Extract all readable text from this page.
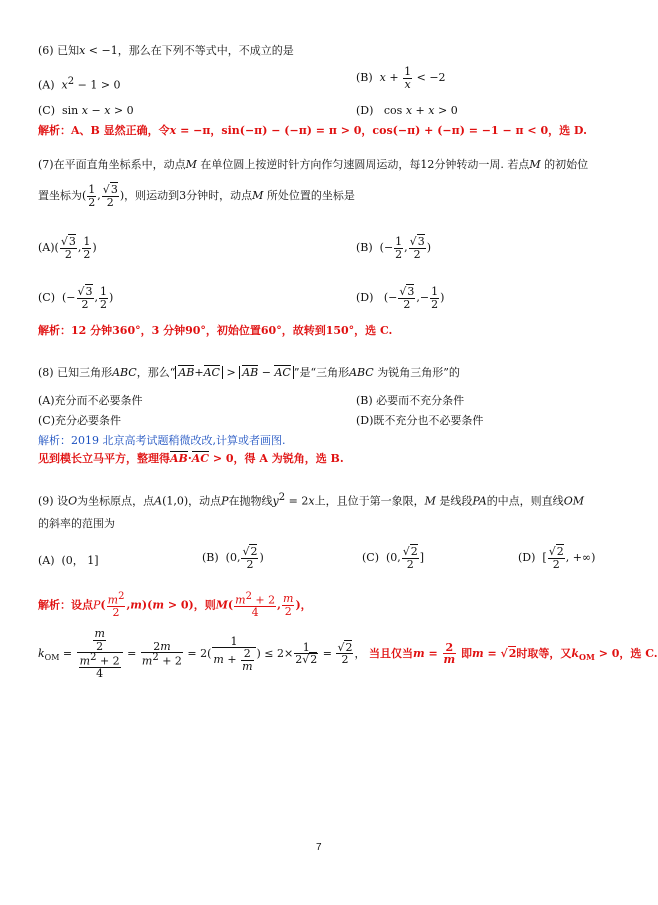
(6) 已知x < −1，那么在下列不等式中，不成立的是
(A)  $x^2 - 1 > 0$
(B)  $x + \frac{1}{x} < -2$
(C)  sin x − x > 0	(D)   cos x + x > 0
解析：A、B 显然正确，令x = −π，sin(−π) − (−π) = π > 0，cos(−π) + (−π) = −1 − π < 0，选 D.
(7)在平面直角坐标系中，动点M 在单位圆上按逆时针方向作匀速圆周运动，每12分钟转动一周. 若点M 的初始位
置坐标为( $\frac{1}{2}$ , $\frac{√3}{2}$ )，则运动到3分钟时，动点M 所处位置的坐标是
$(A)( \frac{√3}{2}$ , $\frac{1}{2}$ )	(B)  (− $\frac{1}{2}$ , $\frac{√3}{2}$ )
(C)  (− $\frac{√3}{2}$ , $\frac{1}{2}$ )	(D)   (− $\frac{√3}{2}$ ,− $\frac{1}{2}$ )
解析：12 分钟360°，3 分钟90°，初始位置60°，故转到150°，选 C.
(8) 已知三角形ABC，那么“ AB+AC > AB − AC ”是“三角形ABC 为锐角三角形”的
(A)充分而不必要条件	(B) 必要而不充分条件
(C)充分必要条件	(D)既不充分也不必要条件
解析：2019 北京高考试题稍微改改,计算或者画图.
见到模长立马平方，整理得AB·AC > 0，得 A 为锐角，选 B.
(9) 设O为坐标原点，点A(1,0)，动点P在抛物线$y^2 = 2x$上，且位于第一象限，M 是线段PA的中点，则直线OM
的斜率的范围为
(A)  (0， 1]	(B)  (0, $\frac{√2}{2}$ )	(C)  (0, $\frac{√2}{2}$ ]	(D)  [ $\frac{√2}{2}$ , +∞)
解析：设点$P( \frac{m^2}{2} ,m)(m > 0)$，则$M( \frac{m^2 + 2}{4}$ , $\frac{m}{2}$ )，
$k_{OM} = \frac{\frac{m}{2}}{\frac{m^2 + 2}{4}} = \frac{2m}{m^2 + 2} = 2( \frac{1}{m + \frac{2}{m}}$ ) ≤ $2\times \frac{1}{2√2} = \frac{√2}{2}$ ， 当且仅当$m = \frac{2}{m}$ 即m = √2时取等，又$k_{OM} > 0$，选 C.
7
